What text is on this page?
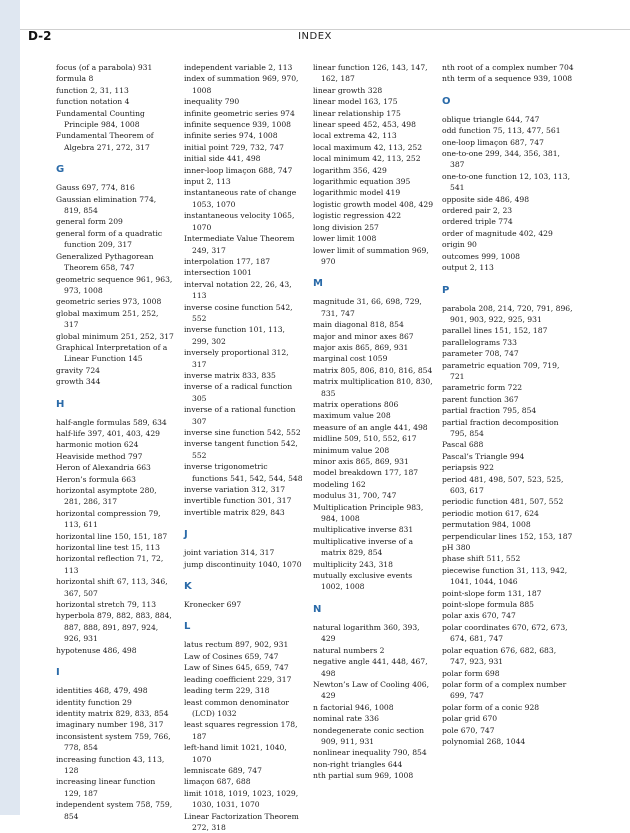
D-2	INDEX
focus (of a parabola) 931
formula 8
function 2, 31, 113
function notation 4
Fundamental Counting Principle 984, 1008
Fundamental Theorem of Algebra 271, 272, 317
G
Gauss 697, 774, 816
Gaussian elimination 774, 819, 854
general form 209
general form of a quadratic function 209, 317
Generalized Pythagorean Theorem 658, 747
geometric sequence 961, 963, 973, 1008
geometric series 973, 1008
global maximum 251, 252, 317
global minimum 251, 252, 317
Graphical Interpretation of a Linear Function 145
gravity 724
growth 344
H
half-angle formulas 589, 634
half-life 397, 401, 403, 429
harmonic motion 624
Heaviside method 797
Heron of Alexandria 663
Heron’s formula 663
horizontal asymptote 280, 281, 286, 317
horizontal compression 79, 113, 611
horizontal line 150, 151, 187
horizontal line test 15, 113
horizontal reflection 71, 72, 113
horizontal shift 67, 113, 346, 367, 507
horizontal stretch 79, 113
hyperbola 879, 882, 883, 884, 887, 888, 891, 897, 924, 926, 931
hypotenuse 486, 498
I
identities 468, 479, 498
identity function 29
identity matrix 829, 833, 854
imaginary number 198, 317
inconsistent system 759, 766, 778, 854
increasing function 43, 113, 128
increasing linear function 129, 187
independent system 758, 759, 854
independent variable 2, 113
index of summation 969, 970, 1008
inequality 790
infinite geometric series 974
infinite sequence 939, 1008
infinite series 974, 1008
initial point 729, 732, 747
initial side 441, 498
inner-loop limaçon 688, 747
input 2, 113
instantaneous rate of change 1053, 1070
instantaneous velocity 1065, 1070
Intermediate Value Theorem 249, 317
interpolation 177, 187
intersection 1001
interval notation 22, 26, 43, 113
inverse cosine function 542, 552
inverse function 101, 113, 299, 302
inversely proportional 312, 317
inverse matrix 833, 835
inverse of a radical function 305
inverse of a rational function 307
inverse sine function 542, 552
inverse tangent function 542, 552
inverse trigonometric functions 541, 542, 544, 548
inverse variation 312, 317
invertible function 301, 317
invertible matrix 829, 843
J
joint variation 314, 317
jump discontinuity 1040, 1070
K
Kronecker 697
L
latus rectum 897, 902, 931
Law of Cosines 659, 747
Law of Sines 645, 659, 747
leading coefficient 229, 317
leading term 229, 318
least common denominator (LCD) 1032
least squares regression 178, 187
left-hand limit 1021, 1040, 1070
lemniscate 689, 747
limaçon 687, 688
limit 1018, 1019, 1023, 1029, 1030, 1031, 1070
Linear Factorization Theorem 272, 318
linear function 126, 143, 147, 162, 187
linear growth 328
linear model 163, 175
linear relationship 175
linear speed 452, 453, 498
local extrema 42, 113
local maximum 42, 113, 252
local minimum 42, 113, 252
logarithm 356, 429
logarithmic equation 395
logarithmic model 419
logistic growth model 408, 429
logistic regression 422
long division 257
lower limit 1008
lower limit of summation 969, 970
M
magnitude 31, 66, 698, 729, 731, 747
main diagonal 818, 854
major and minor axes 867
major axis 865, 869, 931
marginal cost 1059
matrix 805, 806, 810, 816, 854
matrix multiplication 810, 830, 835
matrix operations 806
maximum value 208
measure of an angle 441, 498
midline 509, 510, 552, 617
minimum value 208
minor axis 865, 869, 931
model breakdown 177, 187
modeling 162
modulus 31, 700, 747
Multiplication Principle 983, 984, 1008
multiplicative inverse 831
multiplicative inverse of a matrix 829, 854
multiplicity 243, 318
mutually exclusive events 1002, 1008
N
natural logarithm 360, 393, 429
natural numbers 2
negative angle 441, 448, 467, 498
Newton’s Law of Cooling 406, 429
n factorial 946, 1008
nominal rate 336
nondegenerate conic section 909, 911, 931
nonlinear inequality 790, 854
non-right triangles 644
nth partial sum 969, 1008
nth root of a complex number 704
nth term of a sequence 939, 1008
O
oblique triangle 644, 747
odd function 75, 113, 477, 561
one-loop limaçon 687, 747
one-to-one 299, 344, 356, 381, 387
one-to-one function 12, 103, 113, 541
opposite side 486, 498
ordered pair 2, 23
ordered triple 774
order of magnitude 402, 429
origin 90
outcomes 999, 1008
output 2, 113
P
parabola 208, 214, 720, 791, 896, 901, 903, 922, 925, 931
parallel lines 151, 152, 187
parallelograms 733
parameter 708, 747
parametric equation 709, 719, 721
parametric form 722
parent function 367
partial fraction 795, 854
partial fraction decomposition 795, 854
Pascal 688
Pascal’s Triangle 994
periapsis 922
period 481, 498, 507, 523, 525, 603, 617
periodic function 481, 507, 552
periodic motion 617, 624
permutation 984, 1008
perpendicular lines 152, 153, 187
pH 380
phase shift 511, 552
piecewise function 31, 113, 942, 1041, 1044, 1046
point-slope form 131, 187
point-slope formula 885
polar axis 670, 747
polar coordinates 670, 672, 673, 674, 681, 747
polar equation 676, 682, 683, 747, 923, 931
polar form 698
polar form of a complex number 699, 747
polar form of a conic 928
polar grid 670
pole 670, 747
polynomial 268, 1044
